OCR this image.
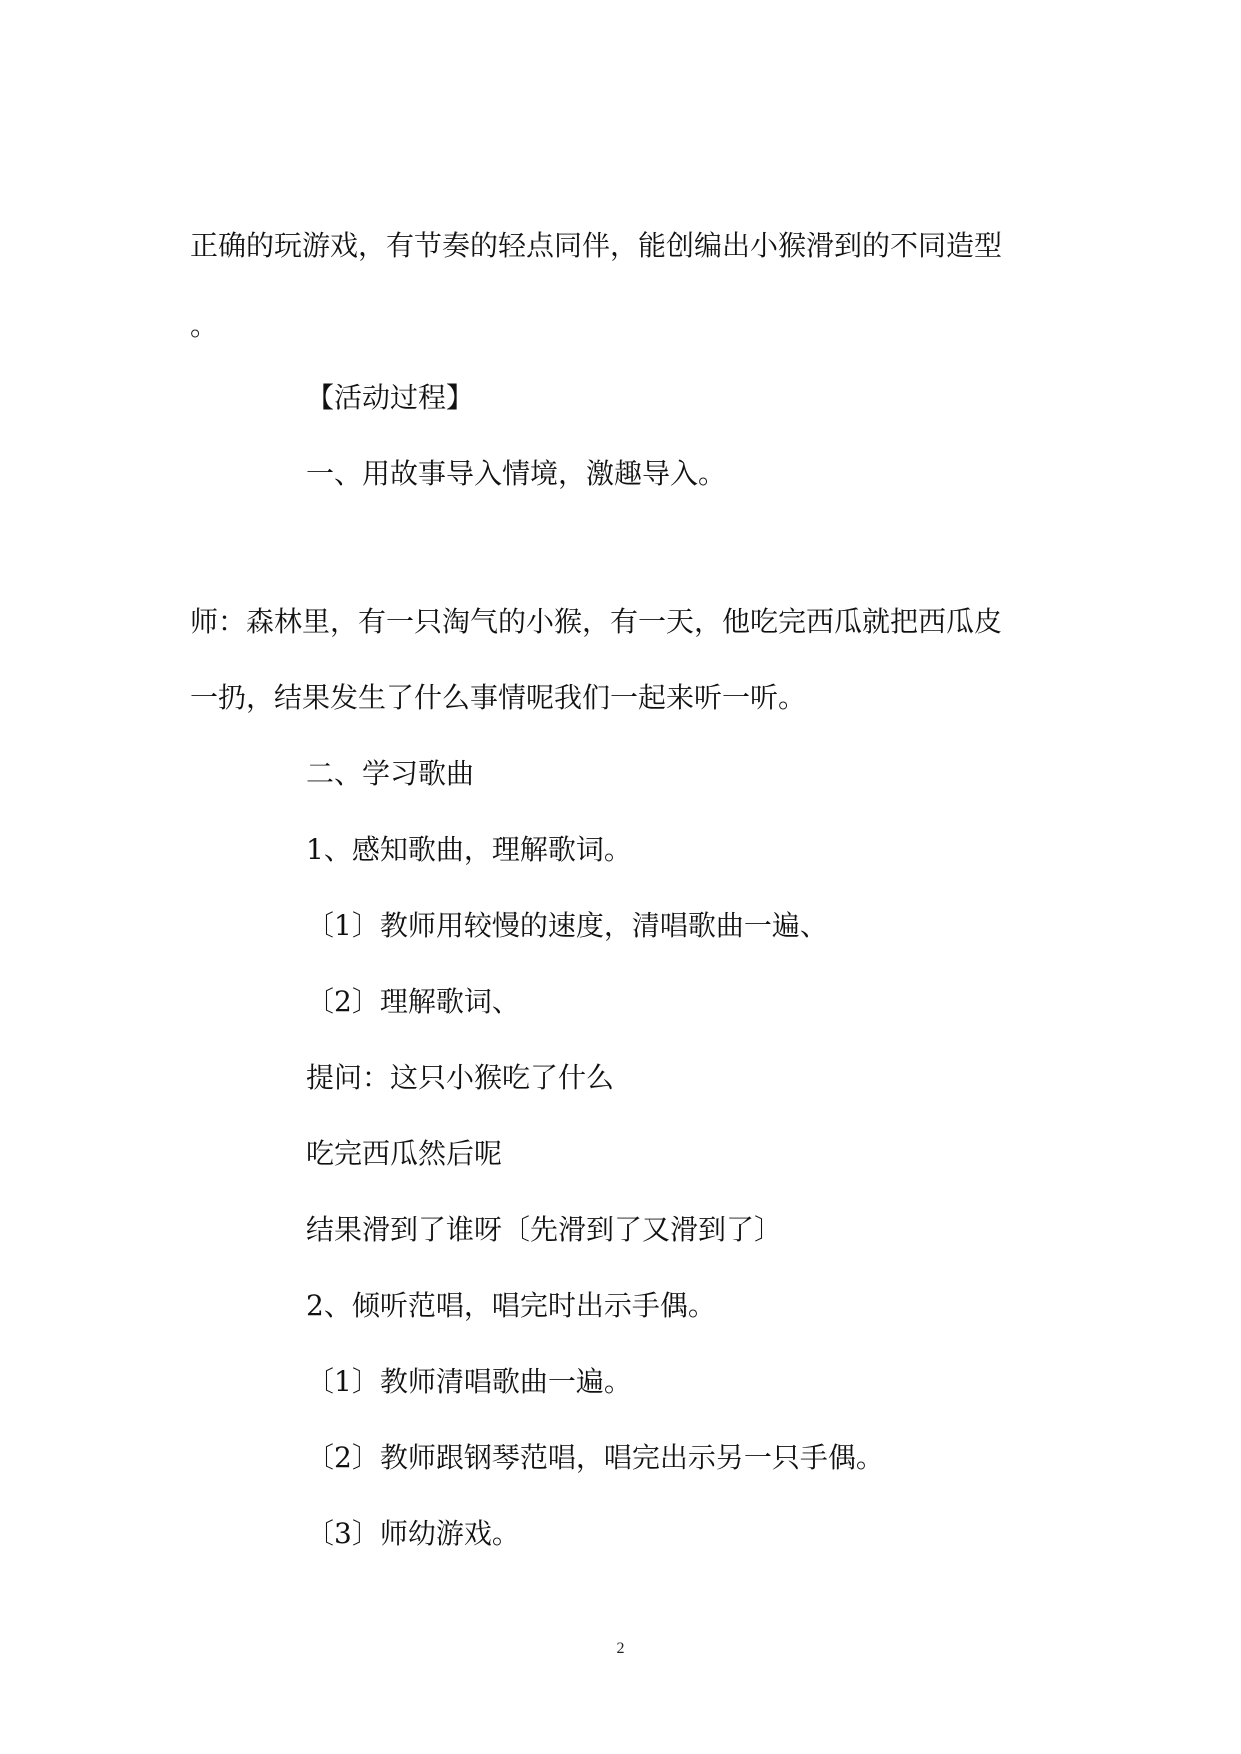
正确的玩游戏，有节奏的轻点同伴，能创编出小猴滑到的不同造型
。
【活动过程】
一、用故事导入情境，激趣导入。
师：森林里，有一只淘气的小猴，有一天，他吃完西瓜就把西瓜皮
一扔，结果发生了什么事情呢我们一起来听一听。
二、学习歌曲
1、感知歌曲，理解歌词。
〔1〕教师用较慢的速度，清唱歌曲一遍、
〔2〕理解歌词、
提问：这只小猴吃了什么
吃完西瓜然后呢
结果滑到了谁呀〔先滑到了又滑到了〕
2、倾听范唱，唱完时出示手偶。
〔1〕教师清唱歌曲一遍。
〔2〕教师跟钢琴范唱，唱完出示另一只手偶。
〔3〕师幼游戏。
2
